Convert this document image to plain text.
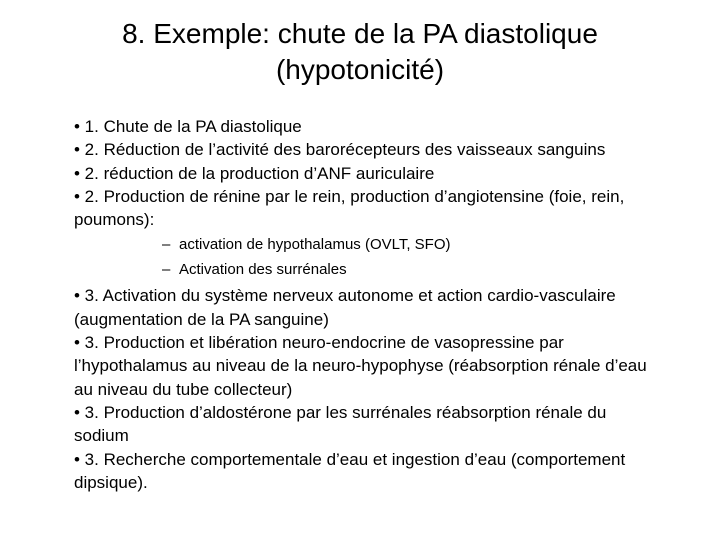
8. Exemple: chute de la PA diastolique
(hypotonicité)

• 1. Chute de la PA diastolique

• 2. Réduction de l’activité des barorécepteurs des vaisseaux sanguins

• 2. réduction de la production d’ANF auriculaire

• 2. Production de rénine par le rein, production d’angiotensine (foie, rein, poumons):

– activation de hypothalamus (OVLT, SFO)
– Activation des surrénales

• 3. Activation du système nerveux autonome et action cardio-vasculaire (augmentation de la PA sanguine)

• 3. Production et libération neuro-endocrine de vasopressine par l’hypothalamus au niveau de la neuro-hypophyse (réabsorption rénale d’eau au niveau du tube collecteur)

• 3. Production d’aldostérone par les surrénales réabsorption rénale du sodium

• 3. Recherche comportementale d’eau et ingestion d’eau (comportement dipsique).
